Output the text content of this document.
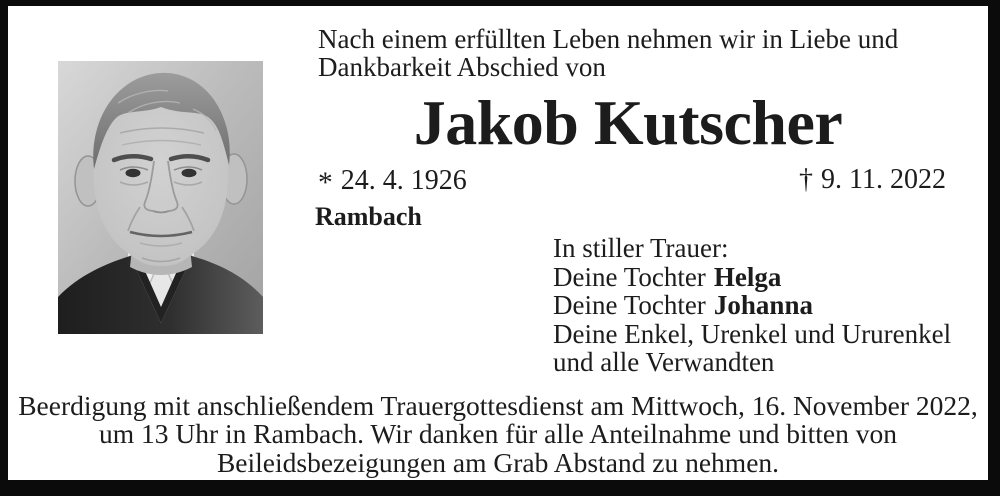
Nach einem erfüllten Leben nehmen wir in Liebe und
Dankbarkeit Abschied von
Jakob Kutscher
* 24. 4. 1926	† 9. 11. 2022
Rambach
In stiller Trauer:
Deine Tochter Helga
Deine Tochter Johanna
Deine Enkel, Urenkel und Ururenkel
und alle Verwandten
Beerdigung mit anschließendem Trauergottesdienst am Mittwoch, 16. November 2022,
um 13 Uhr in Rambach. Wir danken für alle Anteilnahme und bitten von
Beileidsbezeigungen am Grab Abstand zu nehmen.
